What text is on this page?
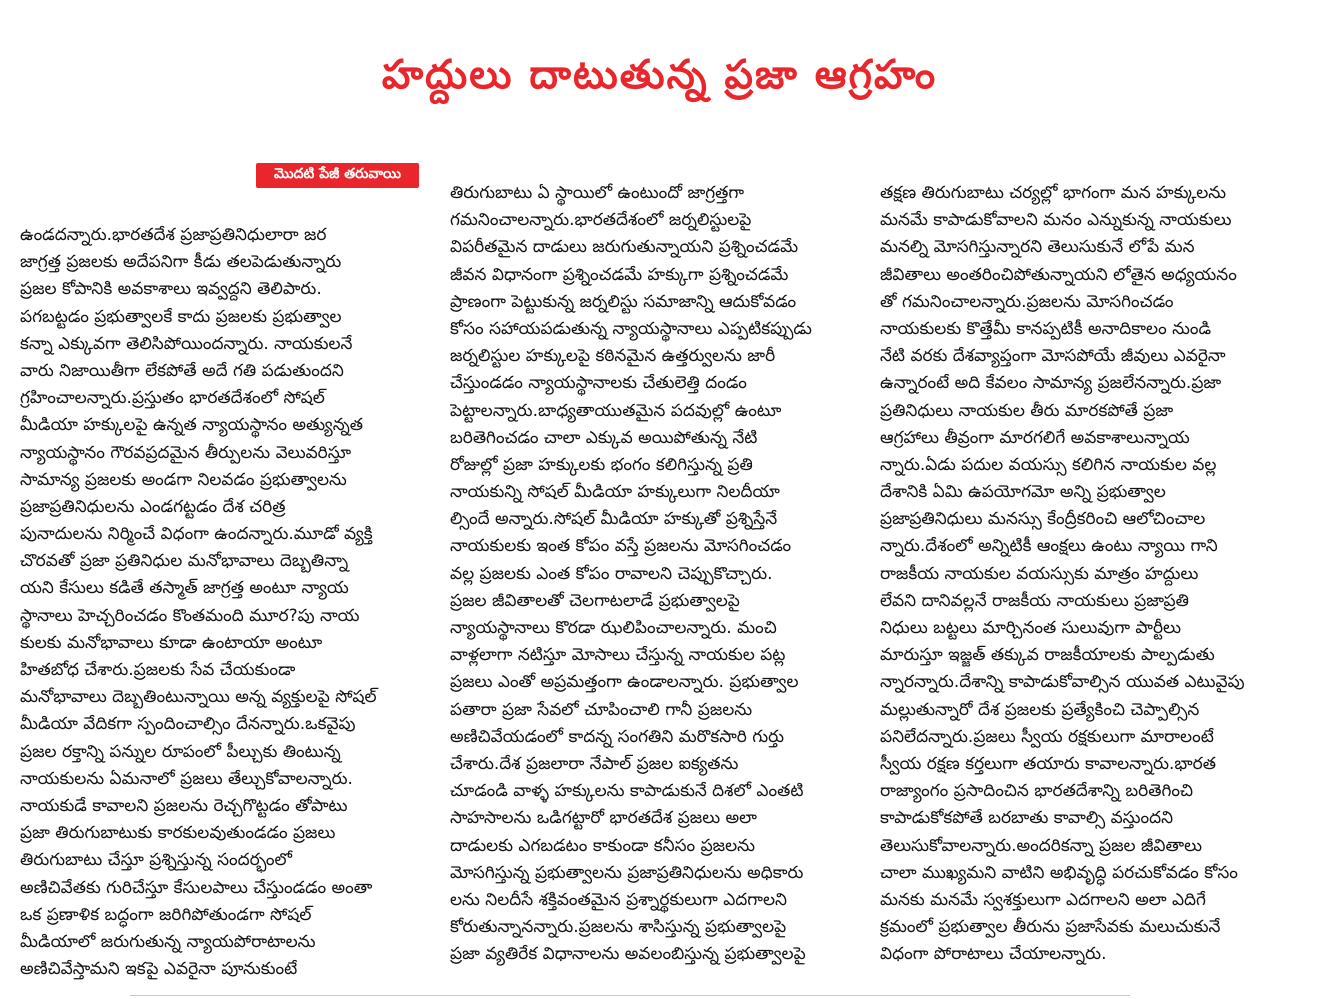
హద్దులు దాటుతున్న ప్రజా ఆగ్రహం
మొదటి పేజీ తరువాయి
ఉండదన్నారు.భారతదేశ ప్రజాప్రతినిధులారా జర
జాగ్రత్త ప్రజలకు అదేపనిగా కీడు తలపెడుతున్నారు
ప్రజల కోపానికి అవకాశాలు ఇవ్వద్దని తెలిపారు.
పగబట్టడం ప్రభుత్వాలకే కాదు ప్రజలకు ప్రభుత్వాల
కన్నా ఎక్కువగా తెలిసిపోయిందన్నారు. నాయకులనే
వారు నిజాయితీగా లేకపోతే అదే గతి పడుతుందని
గ్రహించాలన్నారు.ప్రస్తుతం భారతదేశంలో సోషల్
మీడియా హక్కులపై ఉన్నత న్యాయస్థానం అత్యున్నత
న్యాయస్థానం గౌరవప్రదమైన తీర్పులను వెలువరిస్తూ
సామాన్య ప్రజలకు అండగా నిలవడం ప్రభుత్వాలను
ప్రజాప్రతినిధులను ఎండగట్టడం దేశ చరిత్ర
పునాదులను నిర్మించే విధంగా ఉందన్నారు.మూడో వ్యక్తి
చొరవతో ప్రజా ప్రతినిధుల మనోభావాలు దెబ్బతిన్నా
యని కేసులు కడితే తస్మాత్ జాగ్రత్త అంటూ న్యాయ
స్థానాలు హెచ్చరించడం కొంతమంది మూర?పు నాయ
కులకు మనోభావాలు కూడా ఉంటాయా అంటూ
హితబోధ చేశారు.ప్రజలకు సేవ చేయకుండా
మనోభావాలు దెబ్బతింటున్నాయి అన్న వ్యక్తులపై సోషల్
మీడియా వేదికగా స్పందించాల్సిం దేనన్నారు.ఒకవైపు
ప్రజల రక్తాన్ని పన్నుల రూపంలో పీల్చుకు తింటున్న
నాయకులను ఏమనాలో ప్రజలు తేల్చుకోవాలన్నారు.
నాయకుడే కావాలని ప్రజలను రెచ్చగొట్టడం తోపాటు
ప్రజా తిరుగుబాటుకు కారకులవుతుండడం ప్రజలు
తిరుగుబాటు చేస్తూ ప్రశ్నిస్తున్న సందర్భంలో
అణిచివేతకు గురిచేస్తూ కేసులపాలు చేస్తుండడం అంతా
ఒక ప్రణాళిక బద్ధంగా జరిగిపోతుండగా సోషల్
మీడియాలో జరుగుతున్న న్యాయపోరాటాలను
అణిచివేస్తామని ఇకపై ఎవరైనా పూనుకుంటే
తిరుగుబాటు ఏ స్థాయిలో ఉంటుందో జాగ్రత్తగా
గమనించాలన్నారు.భారతదేశంలో జర్నలిస్టులపై
విపరీతమైన దాడులు జరుగుతున్నాయని ప్రశ్నించడమే
జీవన విధానంగా ప్రశ్నించడమే హక్కుగా ప్రశ్నించడమే
ప్రాణంగా పెట్టుకున్న జర్నలిస్టు సమాజాన్ని ఆదుకోవడం
కోసం సహాయపడుతున్న న్యాయస్థానాలు ఎప్పటికప్పుడు
జర్నలిస్టుల హక్కులపై కఠినమైన ఉత్తర్వులను జారీ
చేస్తుండడం న్యాయస్థానాలకు చేతులెత్తి దండం
పెట్టాలన్నారు.బాధ్యతాయుతమైన పదవుల్లో ఉంటూ
బరితెగించడం చాలా ఎక్కువ అయిపోతున్న నేటి
రోజుల్లో ప్రజా హక్కులకు భంగం కలిగిస్తున్న ప్రతి
నాయకున్ని సోషల్ మీడియా హక్కులుగా నిలదీయా
ల్సిందే అన్నారు.సోషల్ మీడియా హక్కుతో ప్రశ్నిస్తేనే
నాయకులకు ఇంత కోపం వస్తే ప్రజలను మోసగించడం
వల్ల ప్రజలకు ఎంత కోపం రావాలని చెప్పుకొచ్చారు.
ప్రజల జీవితాలతో చెలగాటలాడే ప్రభుత్వాలపై
న్యాయస్థానాలు కొరడా ఝలిపించాలన్నారు. మంచి
వాళ్లలాగా నటిస్తూ మోసాలు చేస్తున్న నాయకుల పట్ల
ప్రజలు ఎంతో అప్రమత్తంగా ఉండాలన్నారు. ప్రభుత్వాల
పతారా ప్రజా సేవలో చూపించాలి గానీ ప్రజలను
అణిచివేయడంలో కాదన్న సంగతిని మరొకసారి గుర్తు
చేశారు.దేశ ప్రజలారా నేపాల్ ప్రజల ఐక్యతను
చూడండి వాళ్ళ హక్కులను కాపాడుకునే దిశలో ఎంతటి
సాహసాలను ఒడిగట్టారో భారతదేశ ప్రజలు అలా
దాడులకు ఎగబడటం కాకుండా కనీసం ప్రజలను
మోసగిస్తున్న ప్రభుత్వాలను ప్రజాప్రతినిధులను అధికారు
లను నిలదీసే శక్తివంతమైన ప్రశ్నార్థకులుగా ఎదగాలని
కోరుతున్నానన్నారు.ప్రజలను శాసిస్తున్న ప్రభుత్వాలపై
ప్రజా వ్యతిరేక విధానాలను అవలంబిస్తున్న ప్రభుత్వాలపై
తక్షణ తిరుగుబాటు చర్యల్లో భాగంగా మన హక్కులను
మనమే కాపాడుకోవాలని మనం ఎన్నుకున్న నాయకులు
మనల్ని మోసగిస్తున్నారని తెలుసుకునే లోపే మన
జీవితాలు అంతరించిపోతున్నాయని లోతైన అధ్యయనం
తో గమనించాలన్నారు.ప్రజలను మోసగించడం
నాయకులకు కొత్తేమీ కానప్పటికీ అనాదికాలం నుండి
నేటి వరకు దేశవ్యాప్తంగా మోసపోయే జీవులు ఎవరైనా
ఉన్నారంటే అది కేవలం సామాన్య ప్రజలేనన్నారు.ప్రజా
ప్రతినిధులు నాయకుల తీరు మారకపోతే ప్రజా
ఆగ్రహాలు తీవ్రంగా మారగలిగే అవకాశాలున్నాయ
న్నారు.ఏడు పదుల వయస్సు కలిగిన నాయకుల వల్ల
దేశానికి ఏమి ఉపయోగమో అన్ని ప్రభుత్వాల
ప్రజాప్రతినిధులు మనస్సు కేంద్రీకరించి ఆలోచించాల
న్నారు.దేశంలో అన్నిటికీ ఆంక్షలు ఉంటు న్యాయి గాని
రాజకీయ నాయకుల వయస్సుకు మాత్రం హద్దులు
లేవని దానివల్లనే రాజకీయ నాయకులు ప్రజాప్రతి
నిధులు బట్టలు మార్చినంత సులువుగా పార్టీలు
మారుస్తూ ఇజ్జత్ తక్కువ రాజకీయాలకు పాల్పడుతు
న్నారన్నారు.దేశాన్ని కాపాడుకోవాల్సిన యువత ఎటువైపు
మల్లుతున్నారో దేశ ప్రజలకు ప్రత్యేకించి చెప్పాల్సిన
పనిలేదన్నారు.ప్రజలు స్వీయ రక్షకులుగా మారాలంటే
స్వీయ రక్షణ కర్తలుగా తయారు కావాలన్నారు.భారత
రాజ్యాంగం ప్రసాదించిన భారతదేశాన్ని బరితెగించి
కాపాడుకోకపోతే బరబాతు కావాల్సి వస్తుందని
తెలుసుకోవాలన్నారు.అందరికన్నా ప్రజల జీవితాలు
చాలా ముఖ్యమని వాటిని అభివృద్ధి పరచుకోవడం కోసం
మనకు మనమే స్వశక్తులుగా ఎదగాలని అలా ఎదిగే
క్రమంలో ప్రభుత్వాల తీరును ప్రజాసేవకు మలుచుకునే
విధంగా పోరాటాలు చేయాలన్నారు.
